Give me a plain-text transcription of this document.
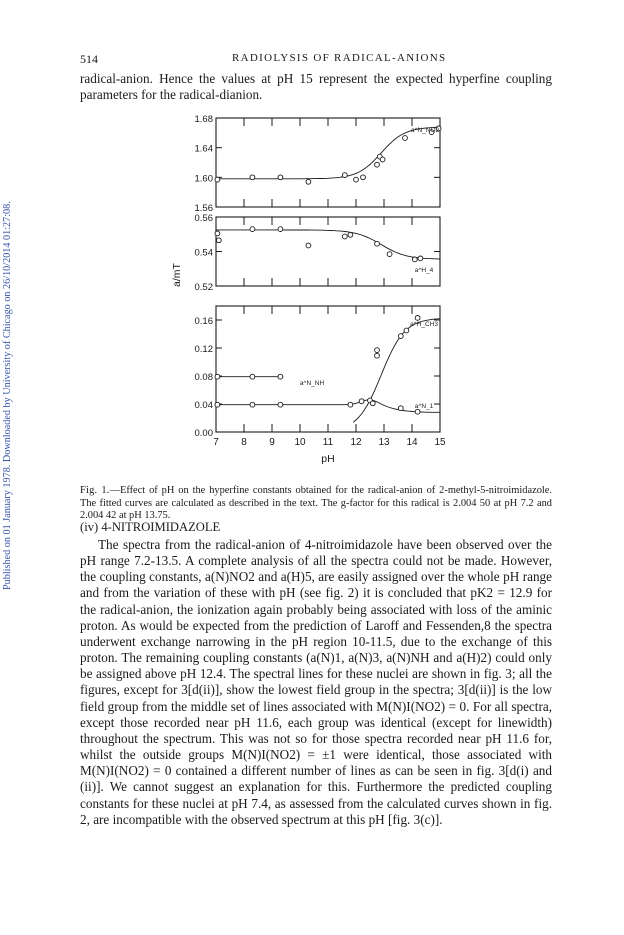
Published on 01 January 1978. Downloaded by University of Chicago on 26/10/2014 01:27:08.
514	RADIOLYSIS OF RADICAL-ANIONS
radical-anion. Hence the values at pH 15 represent the expected hyperfine coupling parameters for the radical-dianion.
1.68
1.64
1.60
1.56
0.56
0.54
0.52
0.16
0.12
0.08
0.04
0.00
a^N_NO2
a^H_4
a^H_CH3
a^N_NH
a^N_1
7 8 9 10 11 12 13 14 15
pH
a/mT
Fig. 1.—Effect of pH on the hyperfine constants obtained for the radical-anion of 2-methyl-5-nitroimidazole. The fitted curves are calculated as described in the text. The g-factor for this radical is 2.004 50 at pH 7.2 and 2.004 42 at pH 13.75.
(iv) 4-NITROIMIDAZOLE

The spectra from the radical-anion of 4-nitroimidazole have been observed over the pH range 7.2-13.5. A complete analysis of all the spectra could not be made. However, the coupling constants, a(N)NO2 and a(H)5, are easily assigned over the whole pH range and from the variation of these with pH (see fig. 2) it is concluded that pK2 = 12.9 for the radical-anion, the ionization again probably being associated with loss of the aminic proton. As would be expected from the prediction of Laroff and Fessenden,8 the spectra underwent exchange narrowing in the pH region 10-11.5, due to the exchange of this proton. The remaining coupling constants (a(N)1, a(N)3, a(N)NH and a(H)2) could only be assigned above pH 12.4. The spectral lines for these nuclei are shown in fig. 3; all the figures, except for 3[d(ii)], show the lowest field group in the spectra; 3[d(ii)] is the low field group from the middle set of lines associated with M(N)I(NO2) = 0. For all spectra, except those recorded near pH 11.6, each group was identical (except for linewidth) throughout the spectrum. This was not so for those spectra recorded near pH 11.6 for, whilst the outside groups M(N)I(NO2) = ±1 were identical, those associated with M(N)I(NO2) = 0 contained a different number of lines as can be seen in fig. 3[d(i) and (ii)]. We cannot suggest an explanation for this. Furthermore the predicted coupling constants for these nuclei at pH 7.4, as assessed from the calculated curves shown in fig. 2, are incompatible with the observed spectrum at this pH [fig. 3(c)].
